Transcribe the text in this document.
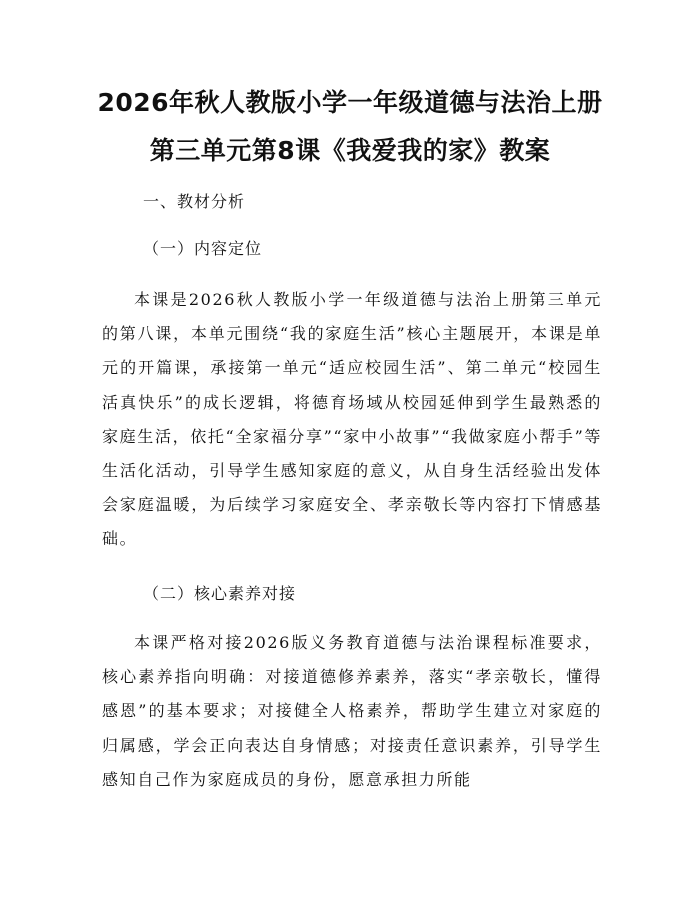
2026年秋人教版小学一年级道德与法治上册
第三单元第8课《我爱我的家》教案
一、教材分析
（一）内容定位

本课是2026秋人教版小学一年级道德与法治上册第三单元的第八课，本单元围绕“我的家庭生活”核心主题展开，本课是单元的开篇课，承接第一单元“适应校园生活”、第二单元“校园生活真快乐”的成长逻辑，将德育场域从校园延伸到学生最熟悉的家庭生活，依托“全家福分享”“家中小故事”“我做家庭小帮手”等生活化活动，引导学生感知家庭的意义，从自身生活经验出发体会家庭温暖，为后续学习家庭安全、孝亲敬长等内容打下情感基础。

（二）核心素养对接

本课严格对接2026版义务教育道德与法治课程标准要求，核心素养指向明确：对接道德修养素养，落实“孝亲敬长，懂得感恩”的基本要求；对接健全人格素养，帮助学生建立对家庭的归属感，学会正向表达自身情感；对接责任意识素养，引导学生感知自己作为家庭成员的身份，愿意承担力所能
